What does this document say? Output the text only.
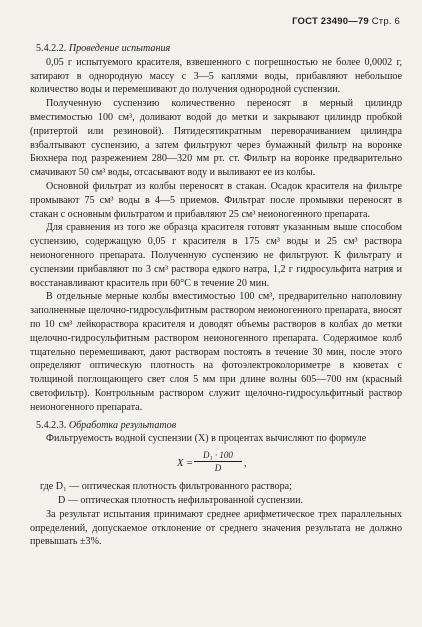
ГОСТ 23490—79 Стр. 6

5.4.2.2. Проведение испытания

0,05 г испытуемого красителя, взвешенного с погрешностью не более 0,0002 г, затирают в однородную массу с 3—5 каплями воды, прибавляют небольшое количество воды и перемешивают до получения однородной суспензии.

Полученную суспензию количественно переносят в мерный цилиндр вместимостью 100 см³, доливают водой до метки и закрывают цилиндр пробкой (притертой или резиновой). Пятидесятикратным переворачиванием цилиндра взбалтывают суспензию, а затем фильтруют через бумажный фильтр на воронке Бюхнера под разрежением 280—320 мм рт. ст. Фильтр на воронке предварительно смачивают 50 см³ воды, отсасывают воду и выливают ее из колбы.

Основной фильтрат из колбы переносят в стакан. Осадок красителя на фильтре промывают 75 см³ воды в 4—5 приемов. Фильтрат после промывки переносят в стакан с основным фильтратом и прибавляют 25 см³ неионогенного препарата.

Для сравнения из того же образца красителя готовят указанным выше способом суспензию, содержащую 0,05 г красителя в 175 см³ воды и 25 см³ раствора неионогенного препарата. Полученную суспензию не фильтруют. К фильтрату и суспензии прибавляют по 3 см³ раствора едкого натра, 1,2 г гидросульфита натрия и восстанавливают краситель при 60°С в течение 20 мин.

В отдельные мерные колбы вместимостью 100 см³, предварительно наполовину заполненные щелочно-гидросульфитным раствором неионогенного препарата, вносят по 10 см³ лейкораствора красителя и доводят объемы растворов в колбах до метки щелочно-гидросульфитным раствором неионогенного препарата. Содержимое колб тщательно перемешивают, дают растворам постоять в течение 30 мин, после этого определяют оптическую плотность на фотоэлектроколориметре в кюветах с толщиной поглощающего свет слоя 5 мм при длине волны 605—700 нм (красный светофильтр). Контрольным раствором служит щелочно-гидросульфитный раствор неионогенного препарата.

5.4.2.3. Обработка результатов

Фильтруемость водной суспензии (X) в процентах вычисляют по формуле

$X = \frac{\text{D₁ · 100}}{D}$ ,

где D₁ — оптическая плотность фильтрованного раствора;

D — оптическая плотность нефильтрованной суспензии.

За результат испытания принимают среднее арифметическое трех параллельных определений, допускаемое отклонение от среднего значения результата не должно превышать ±3%.
